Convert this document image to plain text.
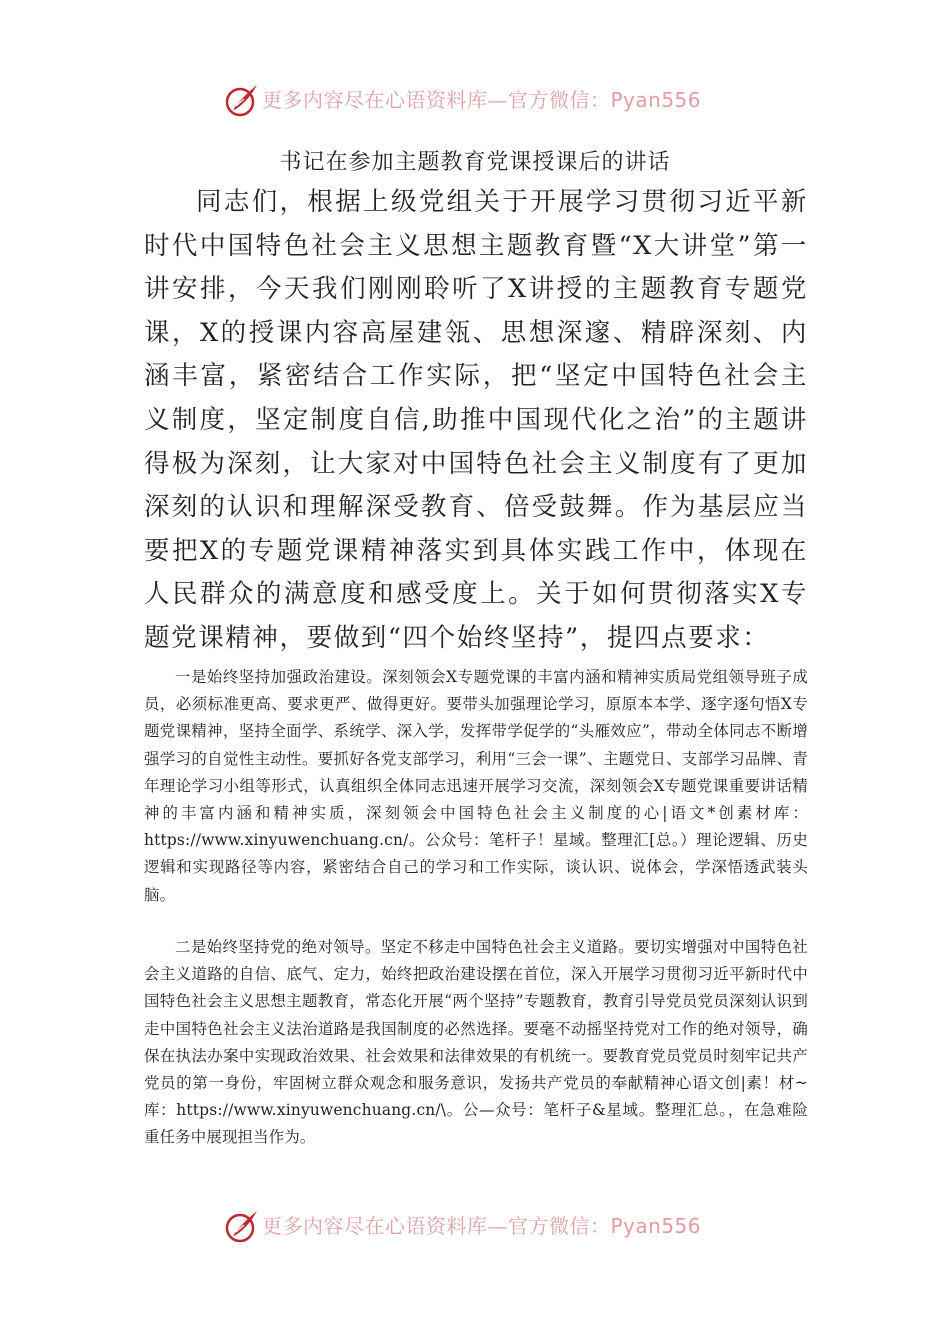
更多内容尽在心语资料库—官方微信：Pyan556
书记在参加主题教育党课授课后的讲话
同志们，根据上级党组关于开展学习贯彻习近平新时代中国特色社会主义思想主题教育暨“X大讲堂”第一讲安排，今天我们刚刚聆听了X讲授的主题教育专题党课，X的授课内容高屋建瓴、思想深邃、精辟深刻、内涵丰富，紧密结合工作实际，把“坚定中国特色社会主义制度，坚定制度自信,助推中国现代化之治”的主题讲得极为深刻，让大家对中国特色社会主义制度有了更加深刻的认识和理解深受教育、倍受鼓舞。作为基层应当要把X的专题党课精神落实到具体实践工作中，体现在人民群众的满意度和感受度上。关于如何贯彻落实X专题党课精神，要做到“四个始终坚持”，提四点要求：

一是始终坚持加强政治建设。深刻领会X专题党课的丰富内涵和精神实质局党组领导班子成员，必须标准更高、要求更严、做得更好。要带头加强理论学习，原原本本学、逐字逐句悟X专题党课精神，坚持全面学、系统学、深入学，发挥带学促学的“头雁效应”，带动全体同志不断增强学习的自觉性主动性。要抓好各党支部学习，利用“三会一课”、主题党日、支部学习品牌、青年理论学习小组等形式，认真组织全体同志迅速开展学习交流，深刻领会X专题党课重要讲话精神的丰富内涵和精神实质，深刻领会中国特色社会主义制度的心|语文*创素材库：https://www.xinyuwenchuang.cn/。公众号：笔杆子！星域。整理汇[总。）理论逻辑、历史逻辑和实现路径等内容，紧密结合自己的学习和工作实际，谈认识、说体会，学深悟透武装头脑。

二是始终坚持党的绝对领导。坚定不移走中国特色社会主义道路。要切实增强对中国特色社会主义道路的自信、底气、定力，始终把政治建设摆在首位，深入开展学习贯彻习近平新时代中国特色社会主义思想主题教育，常态化开展“两个坚持”专题教育，教育引导党员党员深刻认识到走中国特色社会主义法治道路是我国制度的必然选择。要毫不动摇坚持党对工作的绝对领导，确保在执法办案中实现政治效果、社会效果和法律效果的有机统一。要教育党员党员时刻牢记共产党员的第一身份，牢固树立群众观念和服务意识，发扬共产党员的奉献精神心语文创|素！材~库：https://www.xinyuwenchuang.cn/\。公—众号：笔杆子&星域。整理汇总。，在急难险重任务中展现担当作为。

更多内容尽在心语资料库—官方微信：Pyan556
